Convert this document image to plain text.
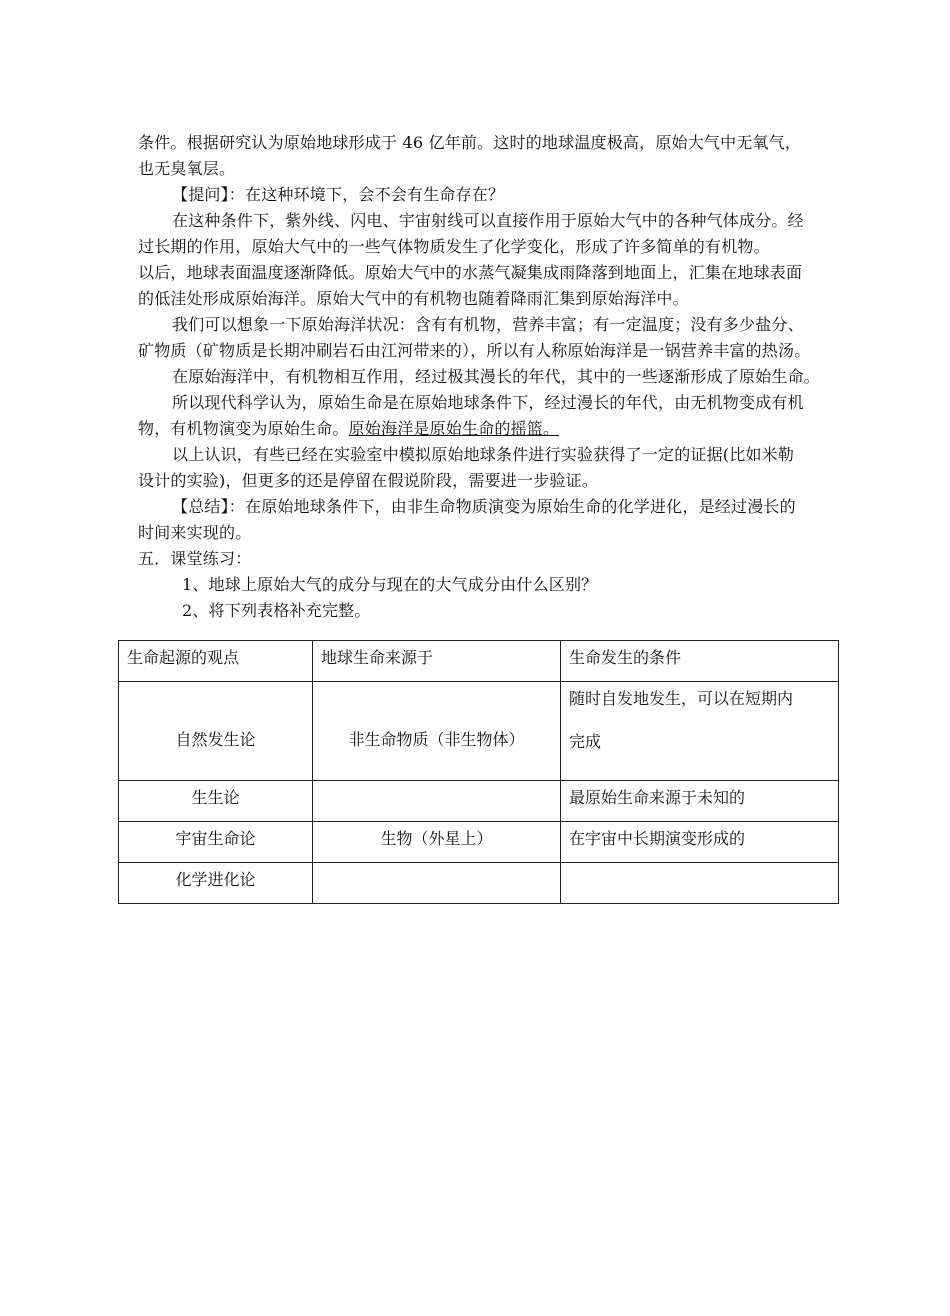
条件。根据研究认为原始地球形成于 46 亿年前。这时的地球温度极高，原始大气中无氧气，

也无臭氧层。

【提问】：在这种环境下，会不会有生命存在？

在这种条件下，紫外线、闪电、宇宙射线可以直接作用于原始大气中的各种气体成分。经

过长期的作用，原始大气中的一些气体物质发生了化学变化，形成了许多简单的有机物。

以后，地球表面温度逐渐降低。原始大气中的水蒸气凝集成雨降落到地面上，汇集在地球表面

的低洼处形成原始海洋。原始大气中的有机物也随着降雨汇集到原始海洋中。

我们可以想象一下原始海洋状况：含有有机物，营养丰富；有一定温度；没有多少盐分、

矿物质（矿物质是长期冲刷岩石由江河带来的），所以有人称原始海洋是一锅营养丰富的热汤。

在原始海洋中，有机物相互作用，经过极其漫长的年代，其中的一些逐渐形成了原始生命。

所以现代科学认为，原始生命是在原始地球条件下，经过漫长的年代，由无机物变成有机

物，有机物演变为原始生命。原始海洋是原始生命的摇篮。

以上认识，有些已经在实验室中模拟原始地球条件进行实验获得了一定的证据(比如米勒

设计的实验)，但更多的还是停留在假说阶段，需要进一步验证。

【总结】：在原始地球条件下，由非生命物质演变为原始生命的化学进化，是经过漫长的

时间来实现的。

五．课堂练习：

1、地球上原始大气的成分与现在的大气成分由什么区别？

2、将下列表格补充完整。

生命起源的观点	地球生命来源于	生命发生的条件
自然发生论	非生命物质（非生物体）	随时自发地发生，可以在短期内
完成

生生论		最原始生命来源于未知的
宇宙生命论	生物（外星上）	在宇宙中长期演变形成的
化学进化论		
